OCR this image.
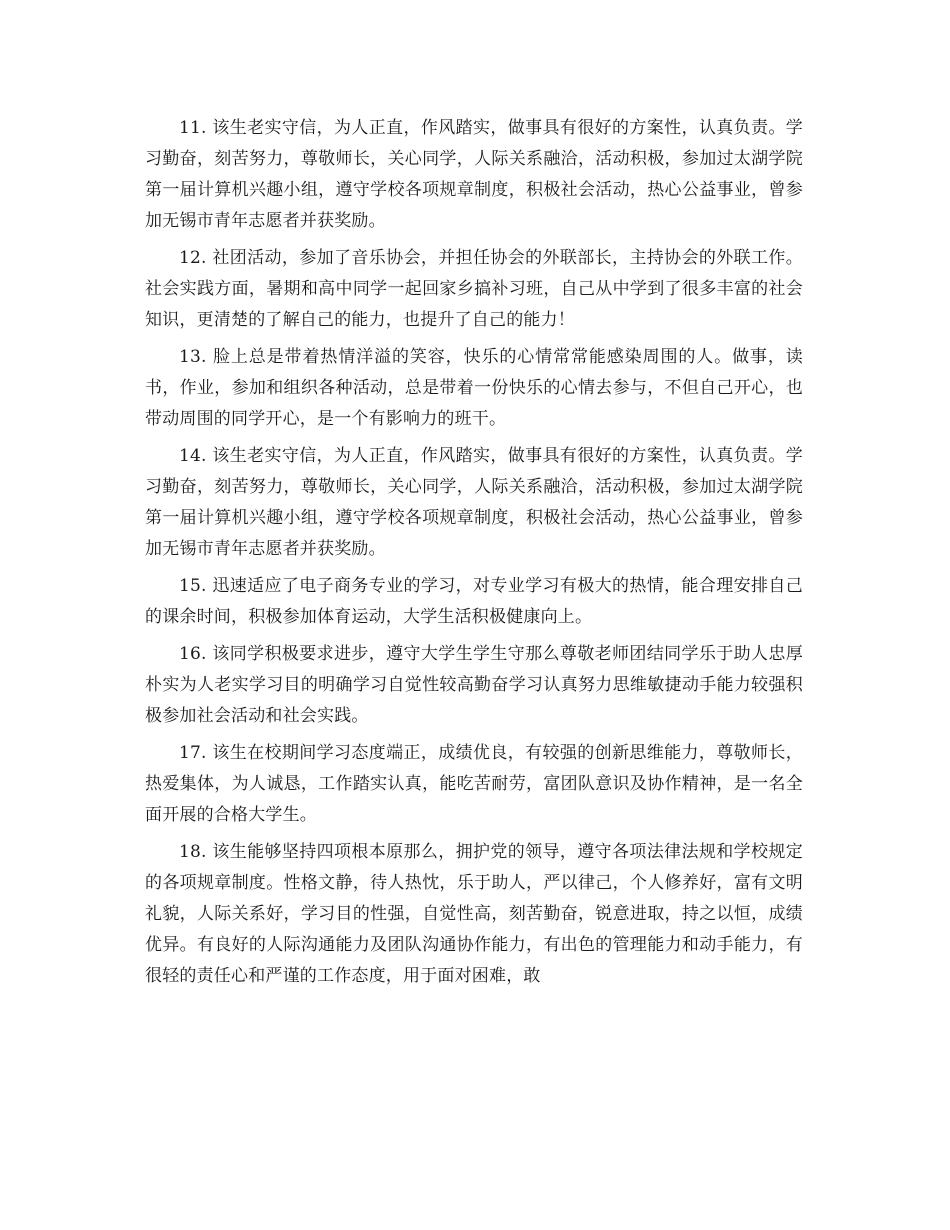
11. 该生老实守信，为人正直，作风踏实，做事具有很好的方案性，认真负责。学习勤奋，刻苦努力，尊敬师长，关心同学，人际关系融洽，活动积极，参加过太湖学院第一届计算机兴趣小组，遵守学校各项规章制度，积极社会活动，热心公益事业，曾参加无锡市青年志愿者并获奖励。

12. 社团活动，参加了音乐协会，并担任协会的外联部长，主持协会的外联工作。社会实践方面，暑期和高中同学一起回家乡搞补习班，自己从中学到了很多丰富的社会知识，更清楚的了解自己的能力，也提升了自己的能力！

13. 脸上总是带着热情洋溢的笑容，快乐的心情常常能感染周围的人。做事，读书，作业，参加和组织各种活动，总是带着一份快乐的心情去参与，不但自己开心，也带动周围的同学开心，是一个有影响力的班干。

14. 该生老实守信，为人正直，作风踏实，做事具有很好的方案性，认真负责。学习勤奋，刻苦努力，尊敬师长，关心同学，人际关系融洽，活动积极，参加过太湖学院 第一届计算机兴趣小组，遵守学校各项规章制度，积极社会活动，热心公益事业，曾参加无锡市青年志愿者并获奖励。

15. 迅速适应了电子商务专业的学习，对专业学习有极大的热情，能合理安排自己的课余时间，积极参加体育运动，大学生活积极健康向上。

16. 该同学积极要求进步，遵守大学生学生守那么尊敬老师团结同学乐于助人忠厚朴实为人老实学习目的明确学习自觉性较高勤奋学习认真努力思维敏捷动手能力较强积极参加社会活动和社会实践。

17. 该生在校期间学习态度端正，成绩优良，有较强的创新思维能力，尊敬师长，热爱集体，为人诚恳，工作踏实认真，能吃苦耐劳，富团队意识及协作精神，是一名全面开展的合格大学生。

18. 该生能够坚持四项根本原那么，拥护党的领导，遵守各项法律法规和学校规定的各项规章制度。性格文静，待人热忱，乐于助人，严以律己，个人修养好，富有文明礼貌，人际关系好，学习目的性强，自觉性高，刻苦勤奋，锐意进取，持之以恒，成绩优异。有良好的人际沟通能力及团队沟通协作能力，有出色的管理能力和动手能力，有很轻的责任心和严谨的工作态度，用于面对困难，敢
